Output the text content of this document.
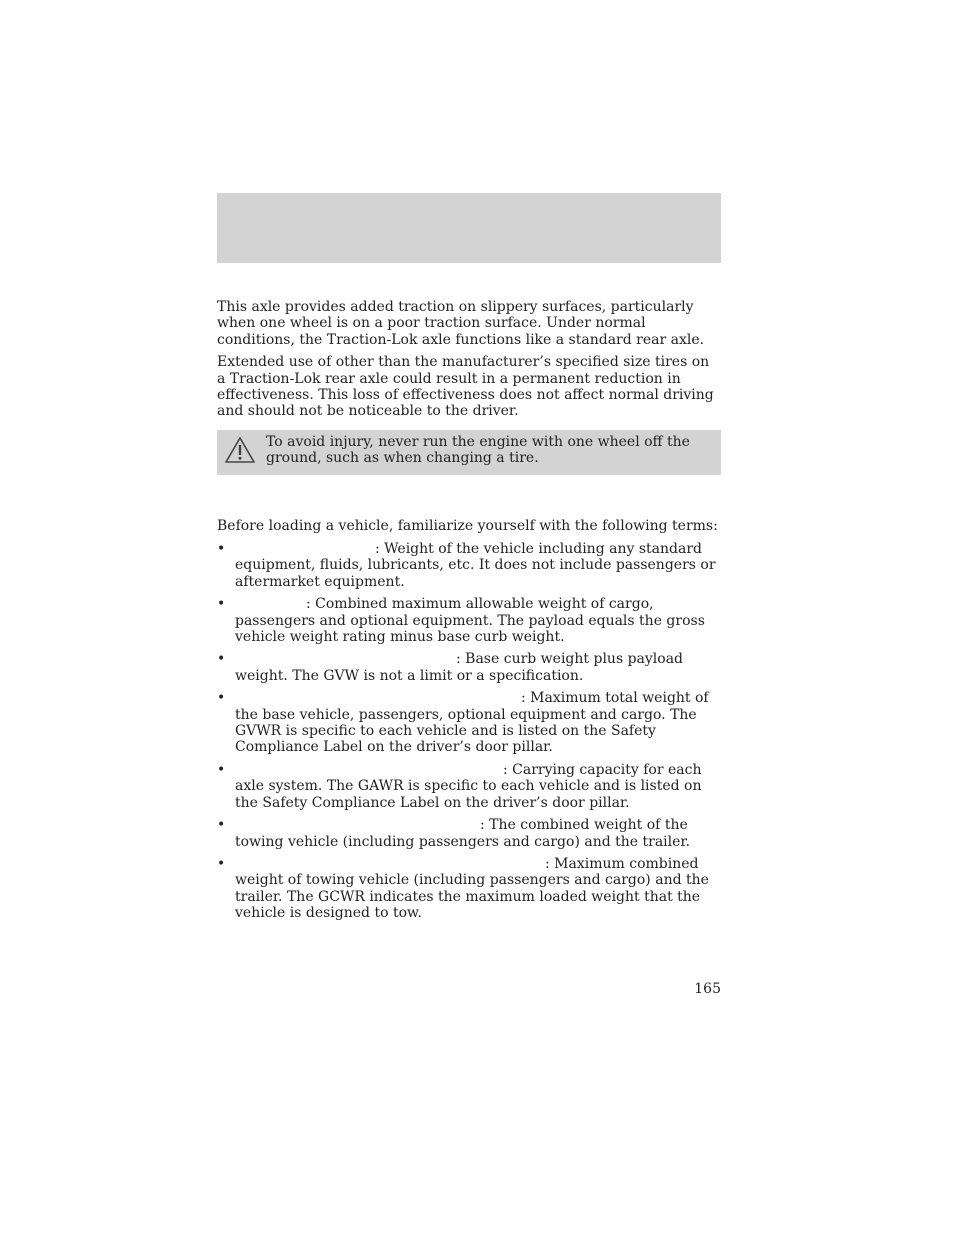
This axle provides added traction on slippery surfaces, particularly when one wheel is on a poor traction surface. Under normal conditions, the Traction-Lok axle functions like a standard rear axle.

Extended use of other than the manufacturer’s specified size tires on a Traction-Lok rear axle could result in a permanent reduction in effectiveness. This loss of effectiveness does not affect normal driving and should not be noticeable to the driver.

To avoid injury, never run the engine with one wheel off the ground, such as when changing a tire.
Before loading a vehicle, familiarize yourself with the following terms:
•	: Weight of the vehicle including any standard equipment, fluids, lubricants, etc. It does not include passengers or aftermarket equipment.
•	: Combined maximum allowable weight of cargo, passengers and optional equipment. The payload equals the gross vehicle weight rating minus base curb weight.
•	: Base curb weight plus payload weight. The GVW is not a limit or a specification.
•	: Maximum total weight of the base vehicle, passengers, optional equipment and cargo. The GVWR is specific to each vehicle and is listed on the Safety Compliance Label on the driver’s door pillar.
•	: Carrying capacity for each axle system. The GAWR is specific to each vehicle and is listed on the Safety Compliance Label on the driver’s door pillar.
•	: The combined weight of the towing vehicle (including passengers and cargo) and the trailer.
•	: Maximum combined weight of towing vehicle (including passengers and cargo) and the trailer. The GCWR indicates the maximum loaded weight that the vehicle is designed to tow.
165
